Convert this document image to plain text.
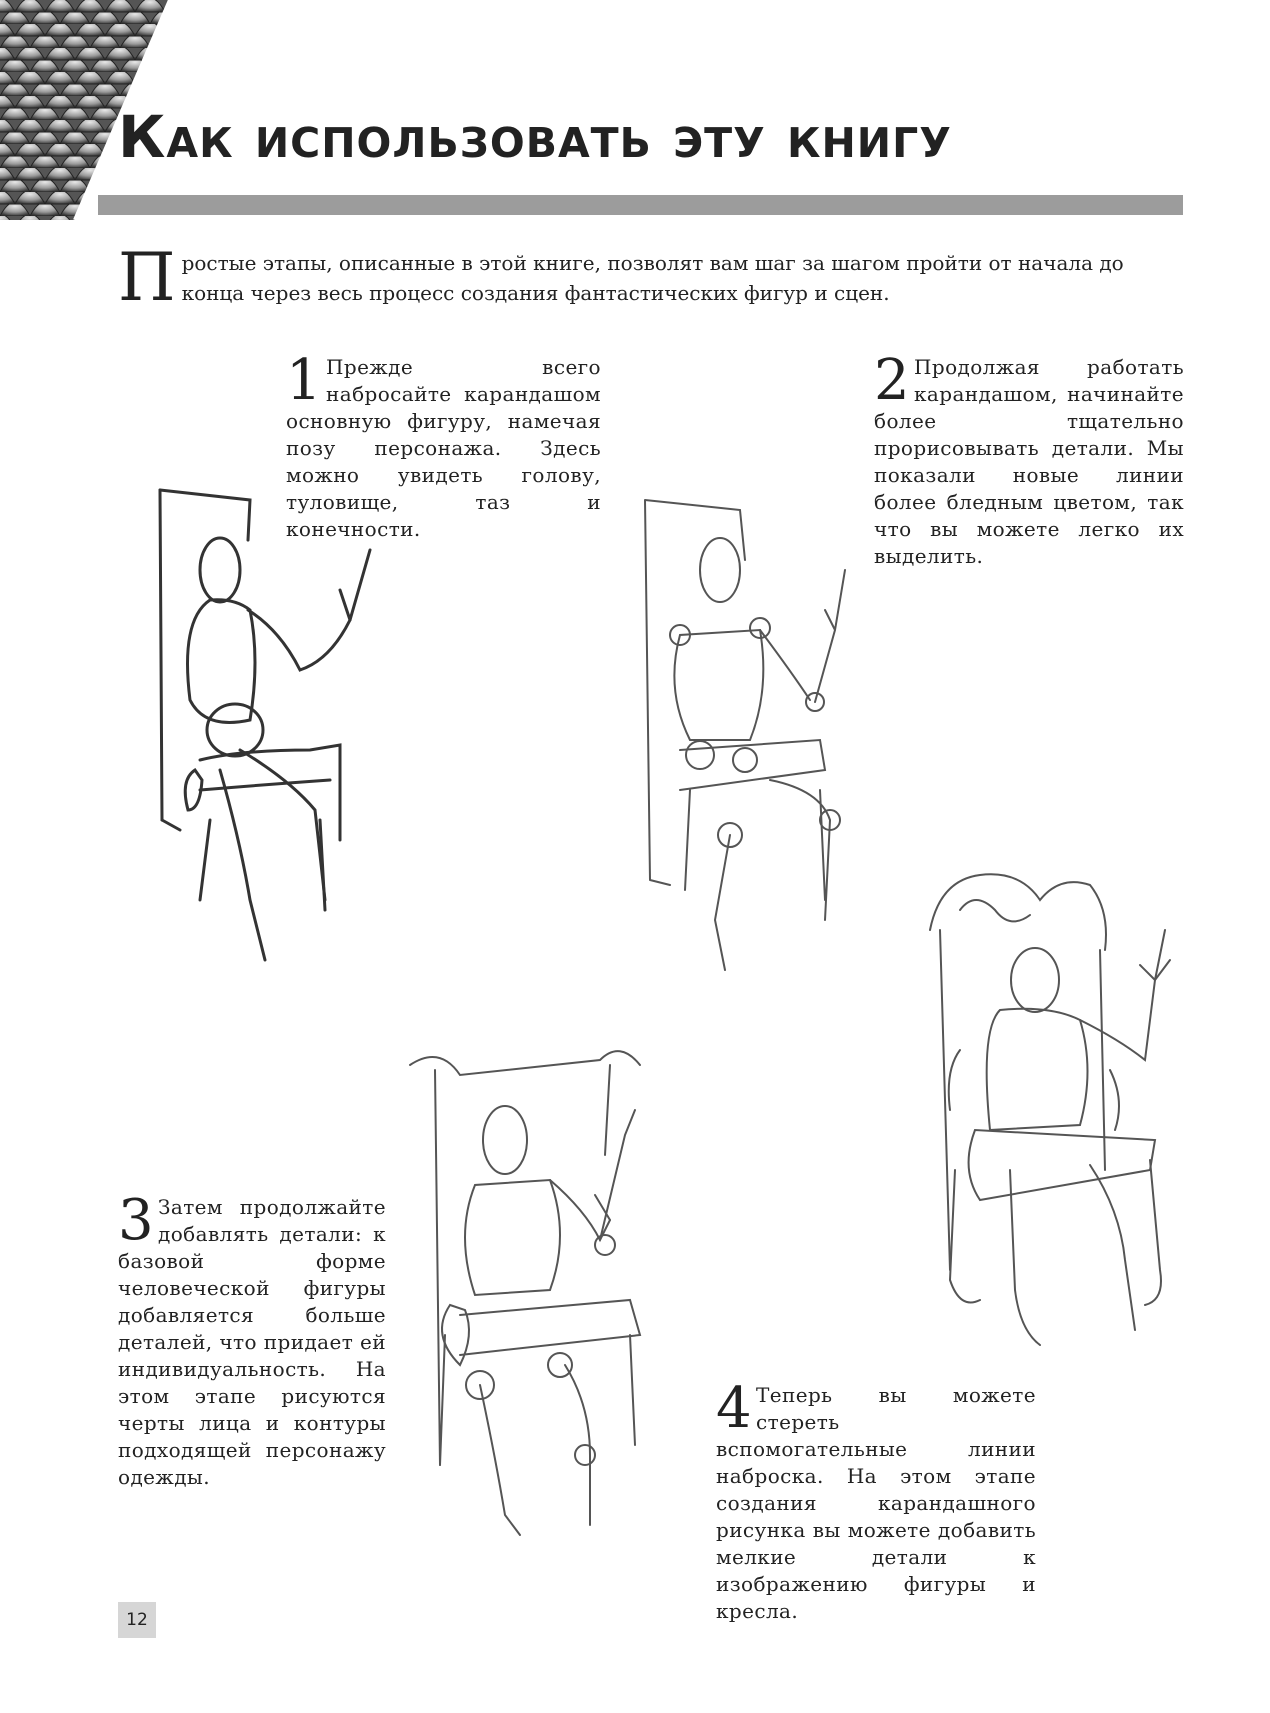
Как использовать эту книгу

Простые этапы, описанные в этой книге, позволят вам шаг за шагом пройти от начала до конца через весь процесс создания фантастических фигур и сцен.

1 Прежде всего набросайте карандашом основную фигуру, намечая позу персонажа. Здесь можно увидеть голову, туловище, таз и конечности.

2 Продолжая работать карандашом, начинайте более тщательно прорисовывать детали. Мы показали новые линии более бледным цветом, так что вы можете легко их выделить.

3 Затем продолжайте добавлять детали: к базовой форме человеческой фигуры добавляется больше деталей, что придает ей индивидуальность. На этом этапе рисуются черты лица и контуры подходящей персонажу одежды.

4 Теперь вы можете стереть вспомогательные линии наброска. На этом этапе создания карандашного рисунка вы можете добавить мелкие детали к изображению фигуры и кресла.

12
